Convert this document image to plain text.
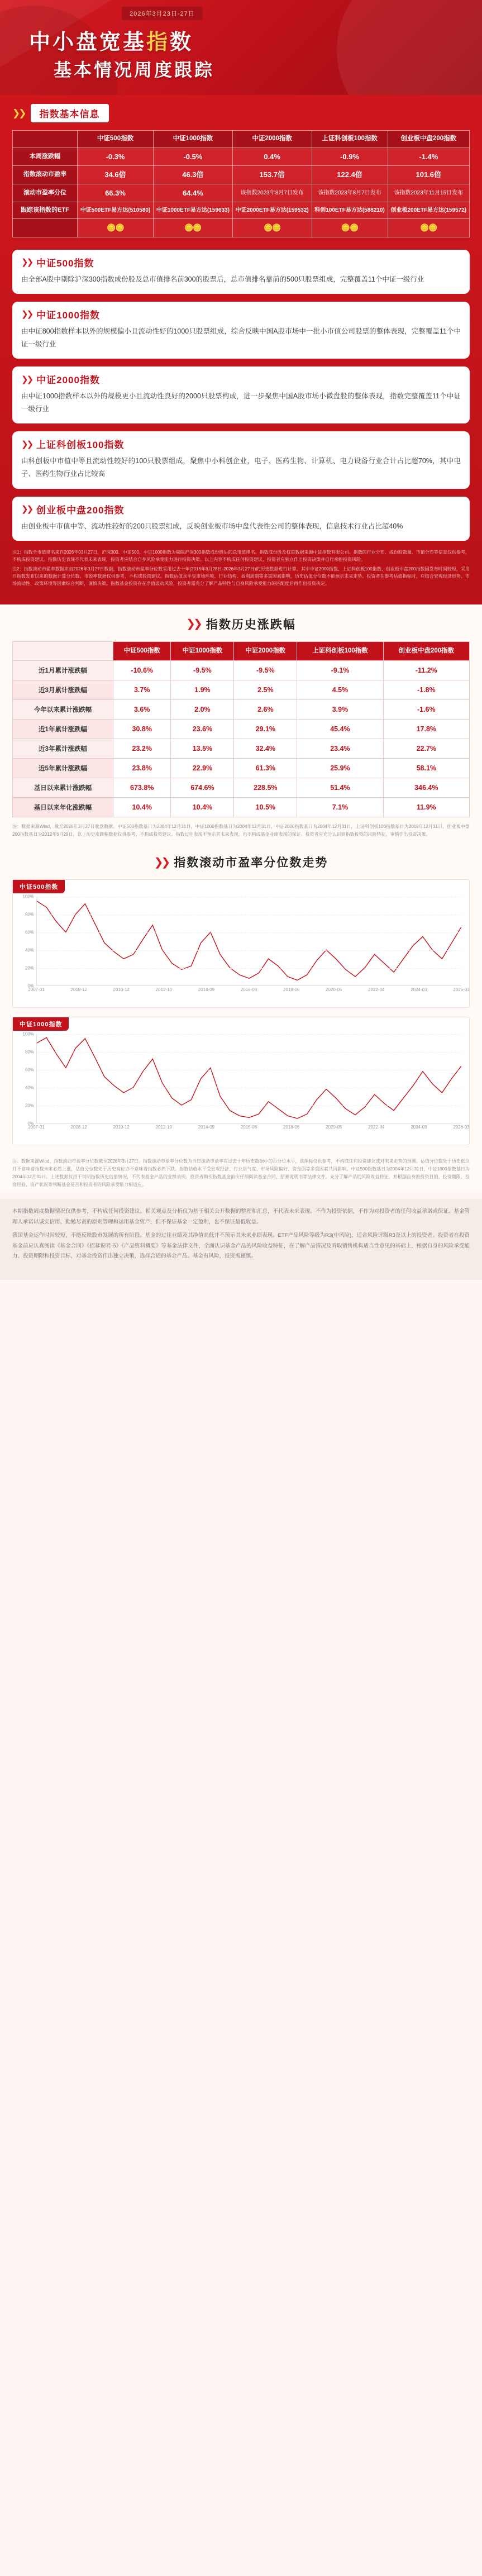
2026年3月23日-27日
中小盘宽基指数
基本情况周度跟踪
❯❯	指数基本信息
	中证500指数	中证1000指数	中证2000指数	上证科创板100指数	创业板中盘200指数
本周涨跌幅	-0.3%	-0.5%	0.4%	-0.9%	-1.4%
指数滚动市盈率	34.6倍	46.3倍	153.7倍	122.4倍	101.6倍
滚动市盈率分位	66.3%	64.4%	该指数2023年8月7日发布	该指数2023年8月7日发布	该指数2023年11月15日发布
跟踪该指数的ETF	中证500ETF易方达(510580)	中证1000ETF易方达(159633)	中证2000ETF易方达(159532)	科创100ETF易方达(588210)	创业板200ETF易方达(159572)
	🪙🪙	🪙🪙	🪙🪙	🪙🪙	🪙🪙
❯❯ 中证500指数
由全部A股中剔除沪深300指数成份股及总市值排名前300的股票后，总市值排名靠前的500只股票组成，完整覆盖11个中证一级行业
❯❯ 中证1000指数
由中证800指数样本以外的规模偏小且流动性好的1000只股票组成，综合反映中国A股市场中一批小市值公司股票的整体表现，完整覆盖11个中证一级行业
❯❯ 中证2000指数
由中证1000指数样本以外的规模更小且流动性良好的2000只股票构成，进一步聚焦中国A股市场小微盘股的整体表现，指数完整覆盖11个中证一级行业
❯❯ 上证科创板100指数
由科创板中市值中等且流动性较好的100只股票组成，聚焦中小科创企业，电子、医药生物、计算机、电力设备行业合计占比超70%，其中电子、医药生物行业占比较高
❯❯ 创业板中盘200指数
由创业板中市值中等、流动性较好的200只股票组成，反映创业板市场中盘代表性公司的整体表现，信息技术行业占比超40%

注1：指数全市值排名来自2026年03月27日，沪深300、中证500、中证1000指数为剔除沪深300指数成份股后的总市值排名。指数成份股及权重数据来源中证指数有限公司。指数的行业分布、成份股数量、市值分布等信息仅供参考，不构成投资建议。指数历史表现不代表未来表现，投资者应结合自身风险承受能力进行投资决策。以上内容不构成任何投资建议，投资者应独立作出投资决策并自行承担投资风险。

注2：指数滚动市盈率数据来自2026年3月27日数据，指数滚动市盈率分位数采用过去十年(2016年3月28日-2026年3月27日)的历史数据进行计算，其中中证2000指数、上证科创板100指数、创业板中盘200指数因发布时间较短，采用自指数发布以来的数据计算分位数。市盈率数据仅供参考，不构成投资建议。指数估值水平受市场环境、行业结构、盈利周期等多重因素影响，历史估值分位数不能预示未来走势。投资者在参考估值指标时，应结合宏观经济形势、市场流动性、政策环境等因素综合判断，谨慎决策。指数基金投资存在净值波动风险，投资者需充分了解产品特性与自身风险承受能力的匹配度后再作出投资决定。

❯❯ 指数历史涨跌幅
	中证500指数	中证1000指数	中证2000指数	上证科创板100指数	创业板中盘200指数
近1月累计涨跌幅	-10.6%	-9.5%	-9.5%	-9.1%	-11.2%
近3月累计涨跌幅	3.7%	1.9%	2.5%	4.5%	-1.8%
今年以来累计涨跌幅	3.6%	2.0%	2.6%	3.9%	-1.6%
近1年累计涨跌幅	30.8%	23.6%	29.1%	45.4%	17.8%
近3年累计涨跌幅	23.2%	13.5%	32.4%	23.4%	22.7%
近5年累计涨跌幅	23.8%	22.9%	61.3%	25.9%	58.1%
基日以来累计涨跌幅	673.8%	674.6%	228.5%	51.4%	346.4%
基日以来年化涨跌幅	10.4%	10.4%	10.5%	7.1%	11.9%
注：数据来源Wind，截至2026年3月27日收盘数据。中证500指数基日为2004年12月31日，中证1000指数基日为2004年12月31日，中证2000指数基日为2004年12月31日，上证科创板100指数基日为2019年12月31日，创业板中盘200指数基日为2012年6月29日。以上历史涨跌幅数据仅供参考，不构成投资建议。指数过往表现不预示其未来表现，也不构成基金业绩表现的保证。投资者应充分认识到指数投资的风险特征，审慎作出投资决策。
❯❯ 指数滚动市盈率分位数走势
中证500指数
0%
20%
40%
60%
80%
100%
2007-01	2008-12	2010-12	2012-10	2014-09	2016-08	2018-06	2020-05	2022-04	2024-03	2026-03
中证1000指数
0%
20%
40%
60%
80%
100%
2007-01	2008-12	2010-12	2012-10	2014-09	2016-08	2018-06	2020-05	2022-04	2024-03	2026-03
注：数据来源Wind，指数滚动市盈率分位数截至2026年3月27日。指数滚动市盈率分位数为当日滚动市盈率在过去十年历史数据中的百分位水平，该指标仅供参考，不构成任何投资建议或对未来走势的预测。估值分位数处于历史低位并不意味着指数未来必然上涨，估值分位数处于历史高位亦不意味着指数必然下跌。指数估值水平受宏观经济、行业景气度、市场风险偏好、资金面等多重因素共同影响。中证500指数基日为2004年12月31日，中证1000指数基日为2004年12月31日。上述数据仅用于说明指数历史估值情况，不代表基金产品的业绩表现。投资者购买指数基金前应仔细阅读基金合同、招募说明书等法律文件，充分了解产品的风险收益特征，并根据自身的投资目的、投资期限、投资经验、资产状况等判断基金是否和投资者的风险承受能力相适应。

本期指数周度数据情况仅供参考，不构成任何投资建议。相关观点及分析仅为基于相关公开数据的整理和汇总，不代表未来表现。不作为投资依据，不作为对投资者的任何收益承诺或保证。基金管理人承诺以诚实信用、勤勉尽责的原则管理和运用基金资产，但不保证基金一定盈利，也不保证最低收益。

我国基金运作时间较短，不能反映股市发展的所有阶段。基金的过往业绩及其净值高低并不预示其未来业绩表现。ETF产品风险等级为R3(中风险)，适合风险评级R3及以上的投资者。投资者在投资基金前应认真阅读《基金合同》《招募说明书》《产品资料概要》等基金法律文件，全面认识基金产品的风险收益特征，在了解产品情况及听取销售机构适当性意见的基础上，根据自身的风险承受能力、投资期限和投资目标，对基金投资作出独立决策，选择合适的基金产品。基金有风险，投资需谨慎。
